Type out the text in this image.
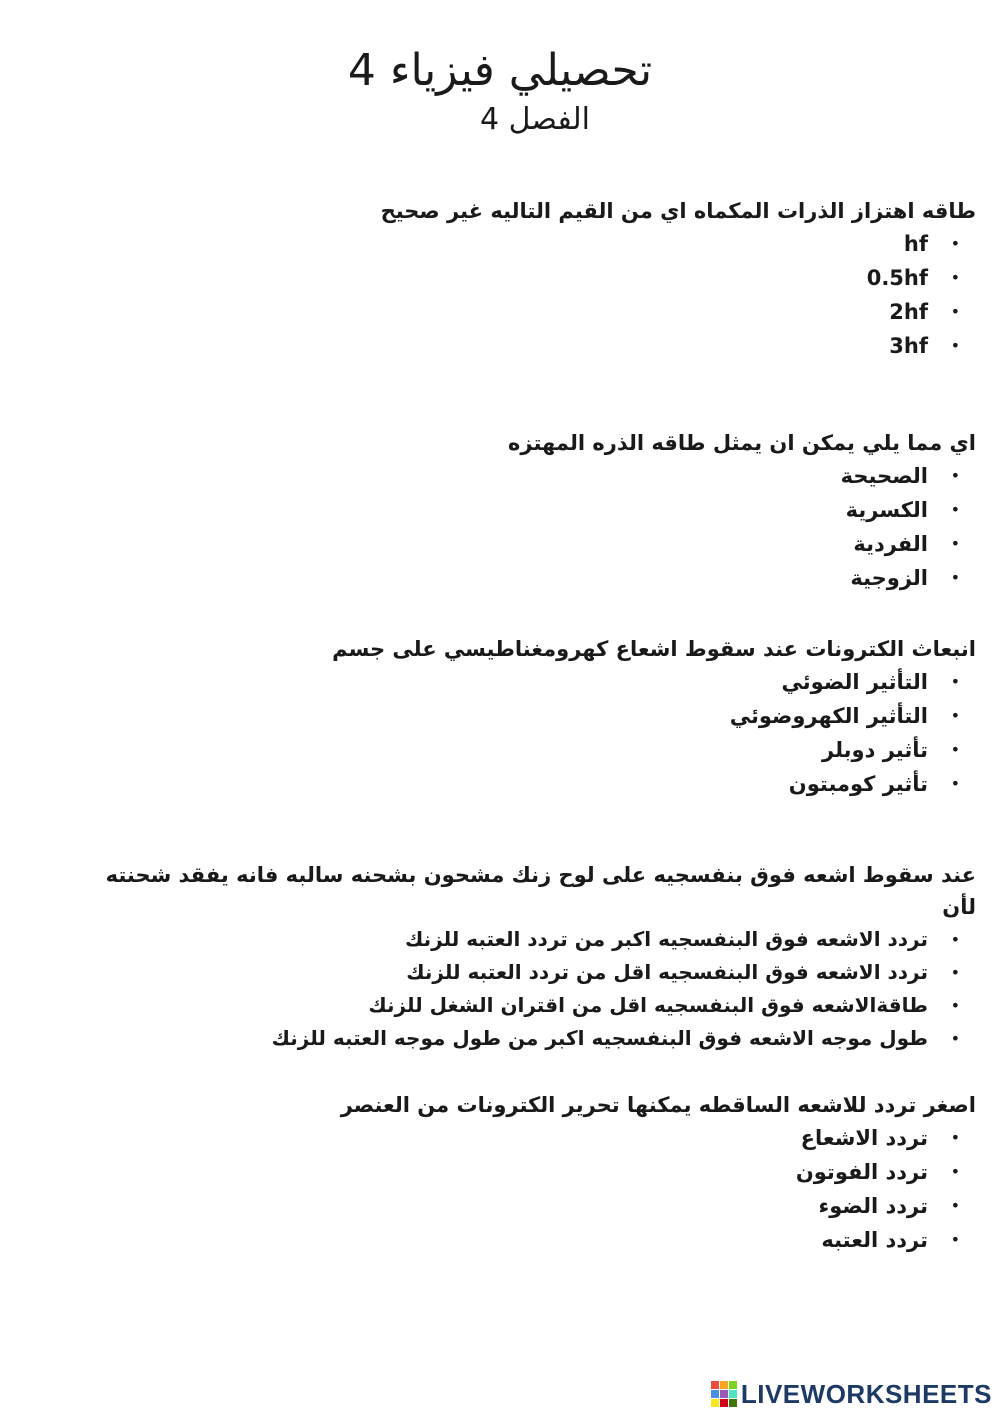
تحصيلي فيزياء 4
الفصل 4

طاقه اهتزاز الذرات المكماه اي من القيم التاليه غير صحيح

• hf
• 0.5hf
• 2hf
• 3hf

اي مما يلي يمكن ان يمثل طاقه الذره المهتزه

• الصحيحة
• الكسرية
• الفردية
• الزوجية

انبعاث الكترونات عند سقوط اشعاع كهرومغناطيسي على جسم

• التأثير الضوئي
• التأثير الكهروضوئي
• تأثير دوبلر
• تأثير كومبتون

عند سقوط اشعه فوق بنفسجيه على لوح زنك مشحون بشحنه سالبه فانه يفقد شحنته لأن

• تردد الاشعه فوق البنفسجيه اكبر من تردد العتبه للزنك
• تردد الاشعه فوق البنفسجيه اقل من تردد العتبه للزنك
• طاقةالاشعه فوق البنفسجيه اقل من اقتران الشغل للزنك
• طول موجه الاشعه فوق البنفسجيه اكبر من طول موجه العتبه للزنك

اصغر تردد للاشعه الساقطه يمكنها تحرير الكترونات من العنصر

• تردد الاشعاع
• تردد الفوتون
• تردد الضوء
• تردد العتبه
LIVEWORKSHEETS
